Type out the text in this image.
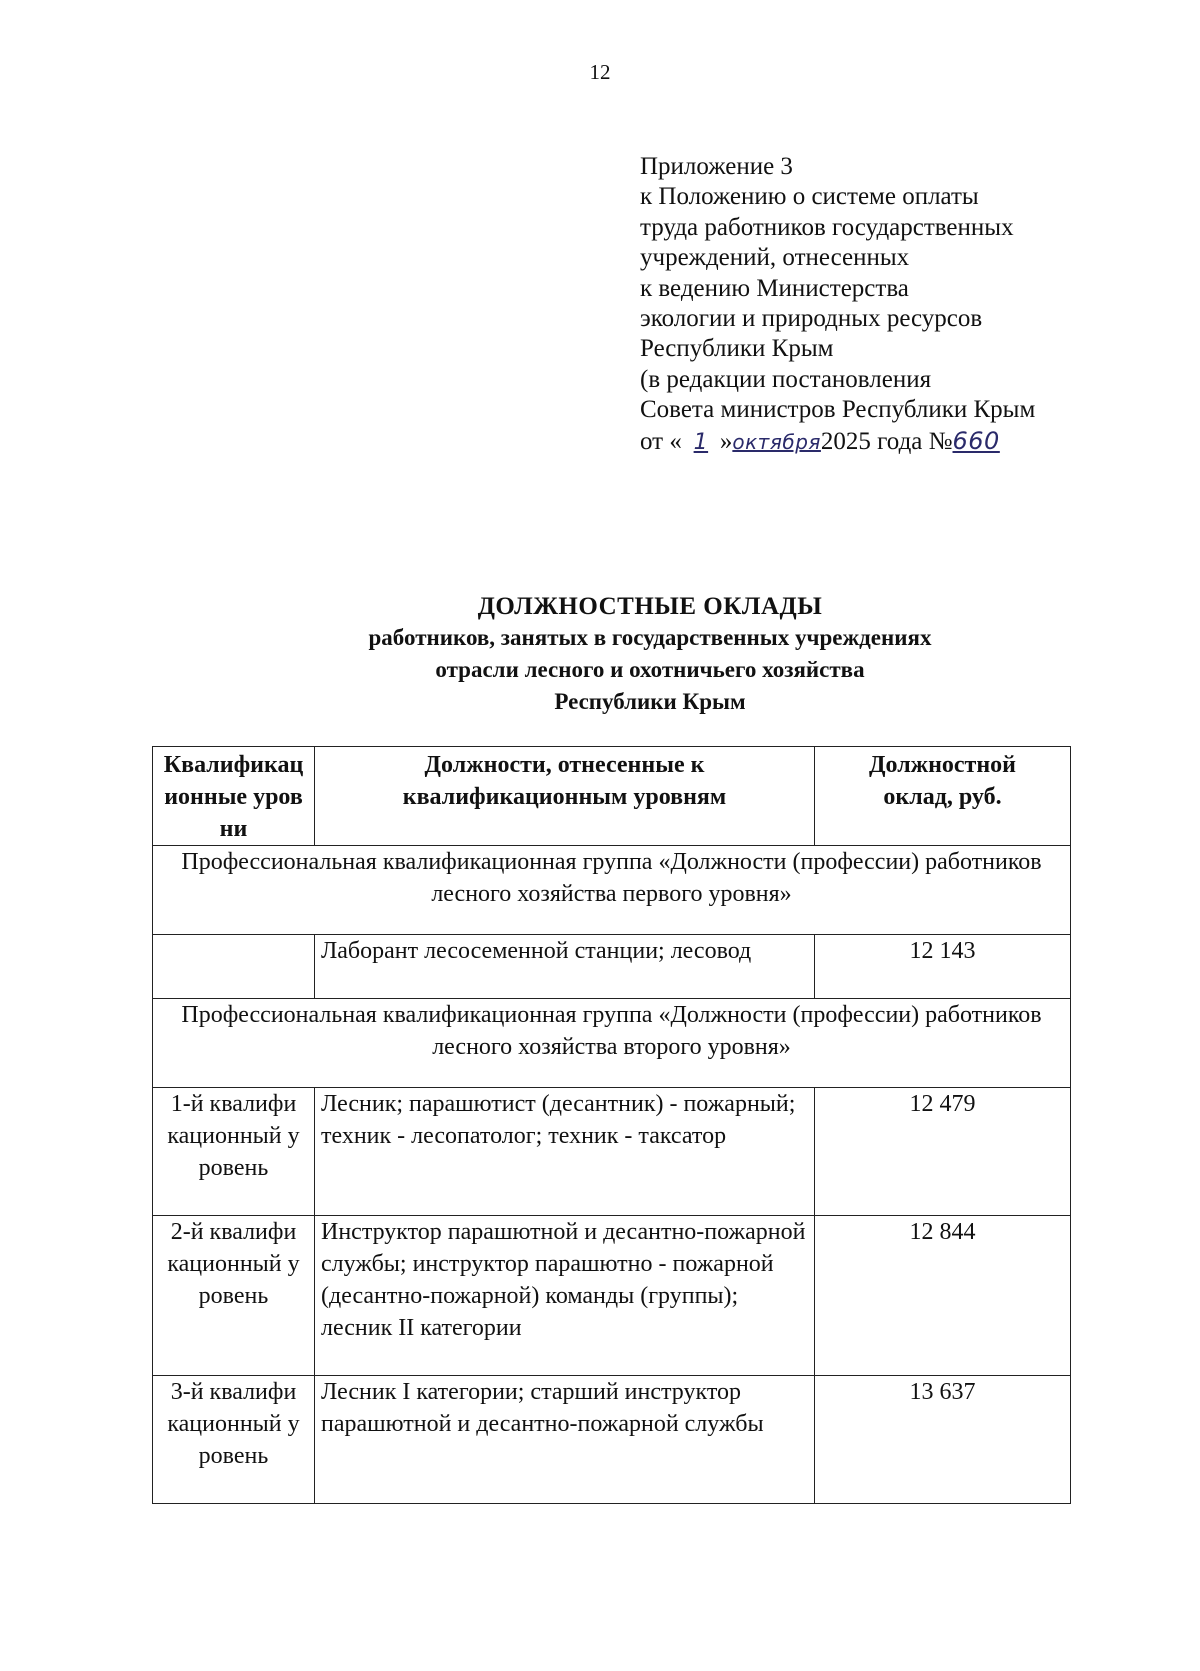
12
Приложение 3
к Положению о системе оплаты
труда работников государственных
учреждений, отнесенных
к ведению Министерства
экологии и природных ресурсов
Республики Крым
(в редакции постановления
Совета министров Республики Крым
от « 1 »октября2025 года №660
ДОЛЖНОСТНЫЕ ОКЛАДЫ
работников, занятых в государственных учреждениях
отрасли лесного и охотничьего хозяйства
Республики Крым
Квалификационные уровни	Должности, отнесенные к квалификационным уровням	Должностной оклад, руб.
Профессиональная квалификационная группа «Должности (профессии) работников лесного хозяйства первого уровня»		
	Лаборант лесосеменной станции; лесовод	12 143
Профессиональная квалификационная группа «Должности (профессии) работников лесного хозяйства второго уровня»		
1-й квалификационный уровень	Лесник; парашютист (десантник) - пожарный; техник - лесопатолог; техник - таксатор	12 479
2-й квалификационный уровень	Инструктор парашютной и десантно-пожарной службы; инструктор парашютно - пожарной (десантно-пожарной) команды (группы); лесник II категории	12 844
3-й квалификационный уровень	Лесник I категории; старший инструктор парашютной и десантно-пожарной службы	13 637
